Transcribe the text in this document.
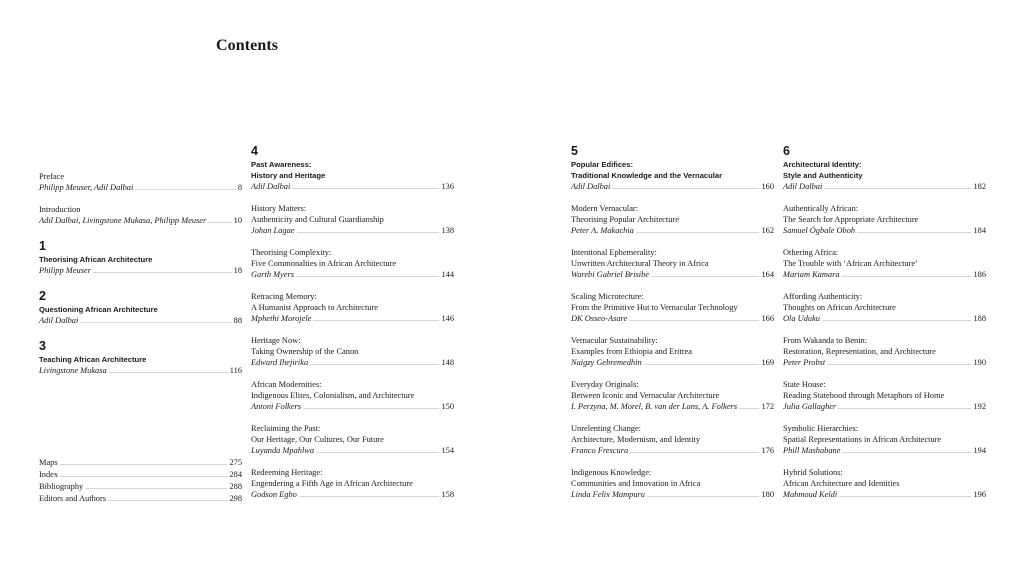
Contents
Preface
Philipp Meuser, Adil Dalbai	8
Introduction
Adil Dalbai, Livingstone Mukasa, Philipp Meuser	10
1
Theorising African Architecture
Philipp Meuser	18
2
Questioning African Architecture
Adil Dalbai	88
3
Teaching African Architecture
Livingstone Mukasa	116
Maps	275
Index	284
Bibliography	288
Editors and Authors	298
4
Past Awareness:
History and Heritage
Adil Dalbai	136
History Matters:
Authenticity and Cultural Guardianship
Johan Lagae	138
Theorising Complexity:
Five Commonalties in African Architecture
Garth Myers	144
Retracing Memory:
A Humanist Approach to Architecture
Mphethi Morojele	146
Heritage Now:
Taking Ownership of the Canon
Edward Ihejirika	148
African Modernities:
Indigenous Elites, Colonialism, and Architecture
Antoni Folkers	150
Reclaiming the Past:
Our Heritage, Our Cultures, Our Future
Luyanda Mpahlwa	154
Redeeming Heritage:
Engendering a Fifth Age in African Architecture
Godson Egbo	158
5
Popular Edifices:
Traditional Knowledge and the Vernacular
Adil Dalbai	160
Modern Vernacular:
Theorising Popular Architecture
Peter A. Makachia	162
Intentional Ephemerality:
Unwritten Architectural Theory in Africa
Warebi Gabriel Brisibe	164
Scaling Microtecture:
From the Primitive Hut to Vernacular Technology
DK Osseo-Asare	166
Vernacular Sustainability:
Examples from Ethiopia and Eritrea
Naigzy Gebremedhin	169
Everyday Originals:
Between Iconic and Vernacular Architecture
I. Perzyna, M. Morel, B. van der Lans, A. Folkers	172
Unrelenting Change:
Architecture, Modernism, and Identity
Franco Frescura	176
Indigenous Knowledge:
Communities and Innovation in Africa
Linda Felix Mampuru	180
6
Architectural Identity:
Style and Authenticity
Adil Dalbai	182
Authentically African:
The Search for Appropriate Architecture
Samuel Ógbale Oboh	184
Othering Africa:
The Trouble with ‘African Architecture’
Mariam Kamara	186
Affording Authenticity:
Thoughts on African Architecture
Ola Uduku	188
From Wakanda to Benin:
Restoration, Representation, and Architecture
Peter Probst	190
State House:
Reading Statehood through Metaphors of Home
Julia Gallagher	192
Symbolic Hierarchies:
Spatial Representations in African Architecture
Phill Mashabane	194
Hybrid Solutions:
African Architecture and Identities
Mahmoud Keldi	196
